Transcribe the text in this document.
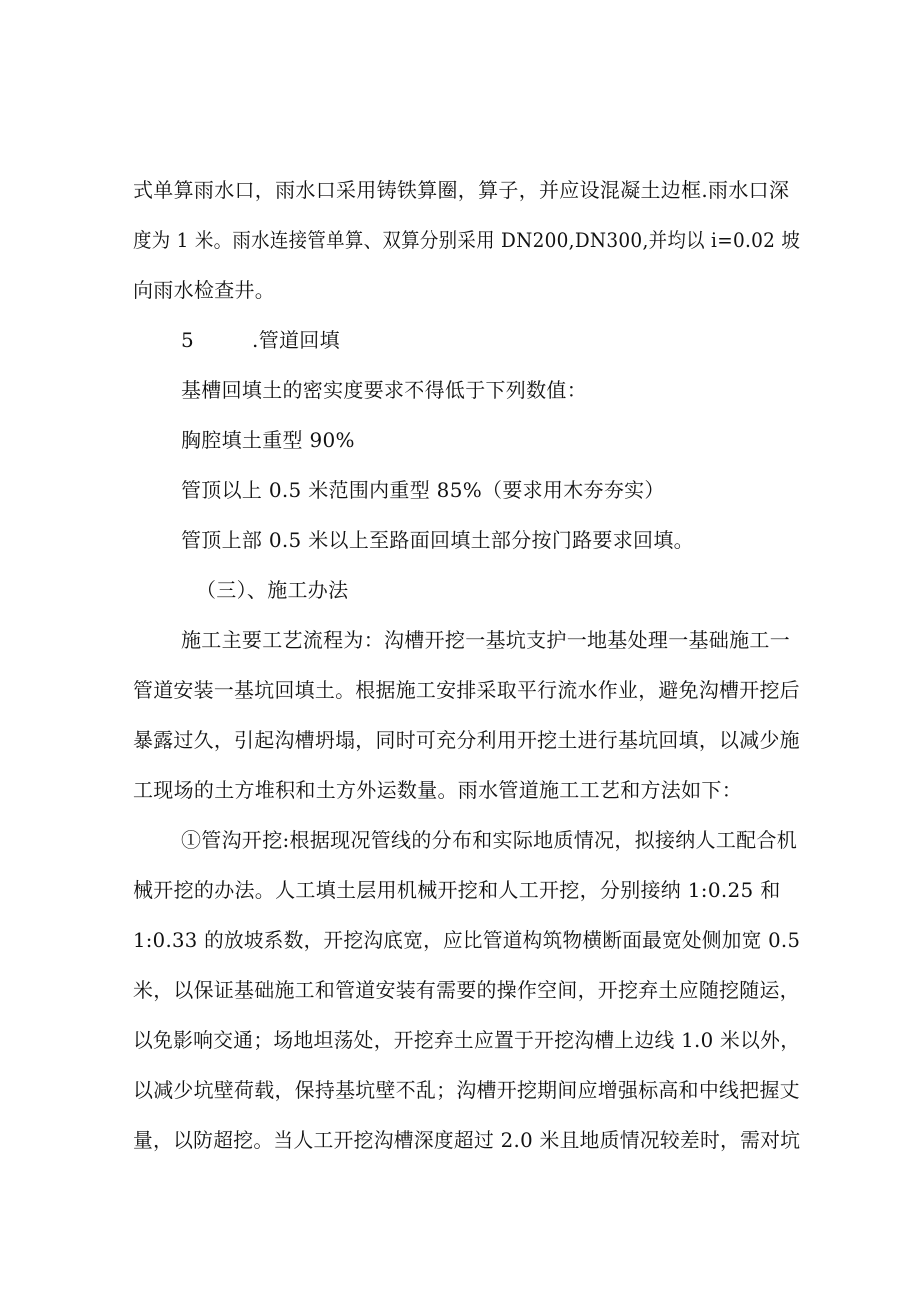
式单算雨水口，雨水口采用铸铁算圈，算子，并应设混凝土边框.雨水口深
度为 1 米。雨水连接管单算、双算分别采用 DN200,DN300,并均以 i=0.02 坡
向雨水检查井。
5	.管道回填
基槽回填土的密实度要求不得低于下列数值：
胸腔填土重型 90%
管顶以上 0.5 米范围内重型 85%（要求用木夯夯实）
管顶上部 0.5 米以上至路面回填土部分按门路要求回填。
（三）、施工办法
施工主要工艺流程为：沟槽开挖一基坑支护一地基处理一基础施工一
管道安装一基坑回填土。根据施工安排采取平行流水作业，避免沟槽开挖后
暴露过久，引起沟槽坍塌，同时可充分利用开挖土进行基坑回填，以减少施
工现场的土方堆积和土方外运数量。雨水管道施工工艺和方法如下：
①管沟开挖:根据现况管线的分布和实际地质情况，拟接纳人工配合机
械开挖的办法。人工填土层用机械开挖和人工开挖，分别接纳 1:0.25 和
1:0.33 的放坡系数，开挖沟底宽，应比管道构筑物横断面最宽处侧加宽 0.5
米，以保证基础施工和管道安装有需要的操作空间，开挖弃土应随挖随运，
以免影响交通；场地坦荡处，开挖弃土应置于开挖沟槽上边线 1.0 米以外，
以减少坑壁荷载，保持基坑壁不乱；沟槽开挖期间应增强标高和中线把握丈
量，以防超挖。当人工开挖沟槽深度超过 2.0 米且地质情况较差时，需对坑
